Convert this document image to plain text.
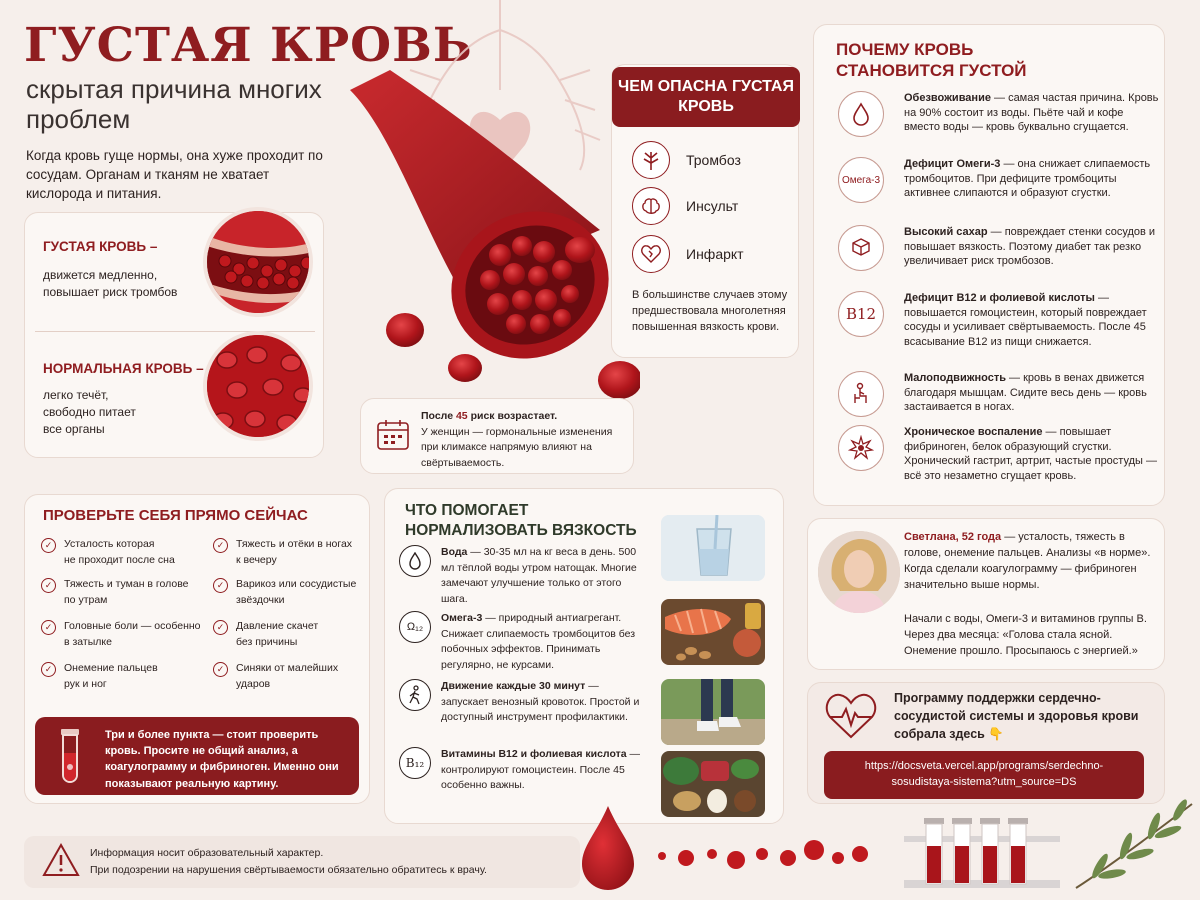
ГУСТАЯ КРОВЬ
скрытая причина многих проблем
Когда кровь гуще нормы, она хуже проходит по сосудам. Органам и тканям не хватает кислорода и питания.
ГУСТАЯ КРОВЬ –
движется медленно,
повышает риск тромбов
НОРМАЛЬНАЯ КРОВЬ –
легко течёт,
свободно питает
все органы
ЧЕМ ОПАСНА ГУСТАЯ КРОВЬ
Тромбоз
Инсульт
Инфаркт
В большинстве случаев этому предшествовала многолетняя повышенная вязкость крови.
После 45 риск возрастает.
У женщин — гормональные изменения при климаксе напрямую влияют на свёртываемость.
ПОЧЕМУ КРОВЬ
СТАНОВИТСЯ ГУСТОЙ
Обезвоживание — самая частая причина. Кровь на 90% состоит из воды. Пьёте чай и кофе вместо воды — кровь буквально сгущается.
Омега-3
Дефицит Омеги-3 — она снижает слипаемость тромбоцитов. При дефиците тромбоциты активнее слипаются и образуют сгустки.
Высокий сахар — повреждает стенки сосудов и повышает вязкость. Поэтому диабет так резко увеличивает риск тромбозов.
B12
Дефицит B12 и фолиевой кислоты — повышается гомоцистеин, который повреждает сосуды и усиливает свёртываемость. После 45 всасывание B12 из пищи снижается.
Малоподвижность — кровь в венах движется благодаря мышцам. Сидите весь день — кровь застаивается в ногах.
Хроническое воспаление — повышает фибриноген, белок образующий сгустки. Хронический гастрит, артрит, частые простуды — всё это незаметно сгущает кровь.
ПРОВЕРЬТЕ СЕБЯ ПРЯМО СЕЙЧАС
✓	Усталость которая
не проходит после сна
✓	Тяжесть и туман в голове
по утрам
✓	Головные боли — особенно
в затылке
✓	Онемение пальцев
рук и ног
✓	Тяжесть и отёки в ногах
к вечеру
✓	Варикоз или сосудистые
звёздочки
✓	Давление скачет
без причины
✓	Синяки от малейших ударов
Три и более пункта — стоит проверить кровь. Просите не общий анализ, а коагулограмму и фибриноген. Именно они показывают реальную картину.
ЧТО ПОМОГАЕТ
НОРМАЛИЗОВАТЬ ВЯЗКОСТЬ
Вода — 30-35 мл на кг веса в день. 500 мл тёплой воды утром натощак. Многие замечают улучшение только от этого шага.
Ω₁₂
Омега-3 — природный антиагрегант. Снижает слипаемость тромбоцитов без побочных эффектов. Принимать регулярно, не курсами.
Движение каждые 30 минут — запускает венозный кровоток. Простой и доступный инструмент профилактики.
B₁₂
Витамины B12 и фолиевая кислота — контролируют гомоцистеин. После 45 особенно важны.
Светлана, 52 года — усталость, тяжесть в голове, онемение пальцев. Анализы «в норме». Когда сделали коагулограмму — фибриноген значительно выше нормы.
Начали с воды, Омеги-3 и витаминов группы B. Через два месяца: «Голова стала ясной. Онемение прошло. Просыпаюсь с энергией.»
Программу поддержки сердечно-сосудистой системы и здоровья крови собрала здесь 👇
https://docsveta.vercel.app/programs/serdechno-sosudistaya-sistema?utm_source=DS
Информация носит образовательный характер.
При подозрении на нарушения свёртываемости обязательно обратитесь к врачу.
